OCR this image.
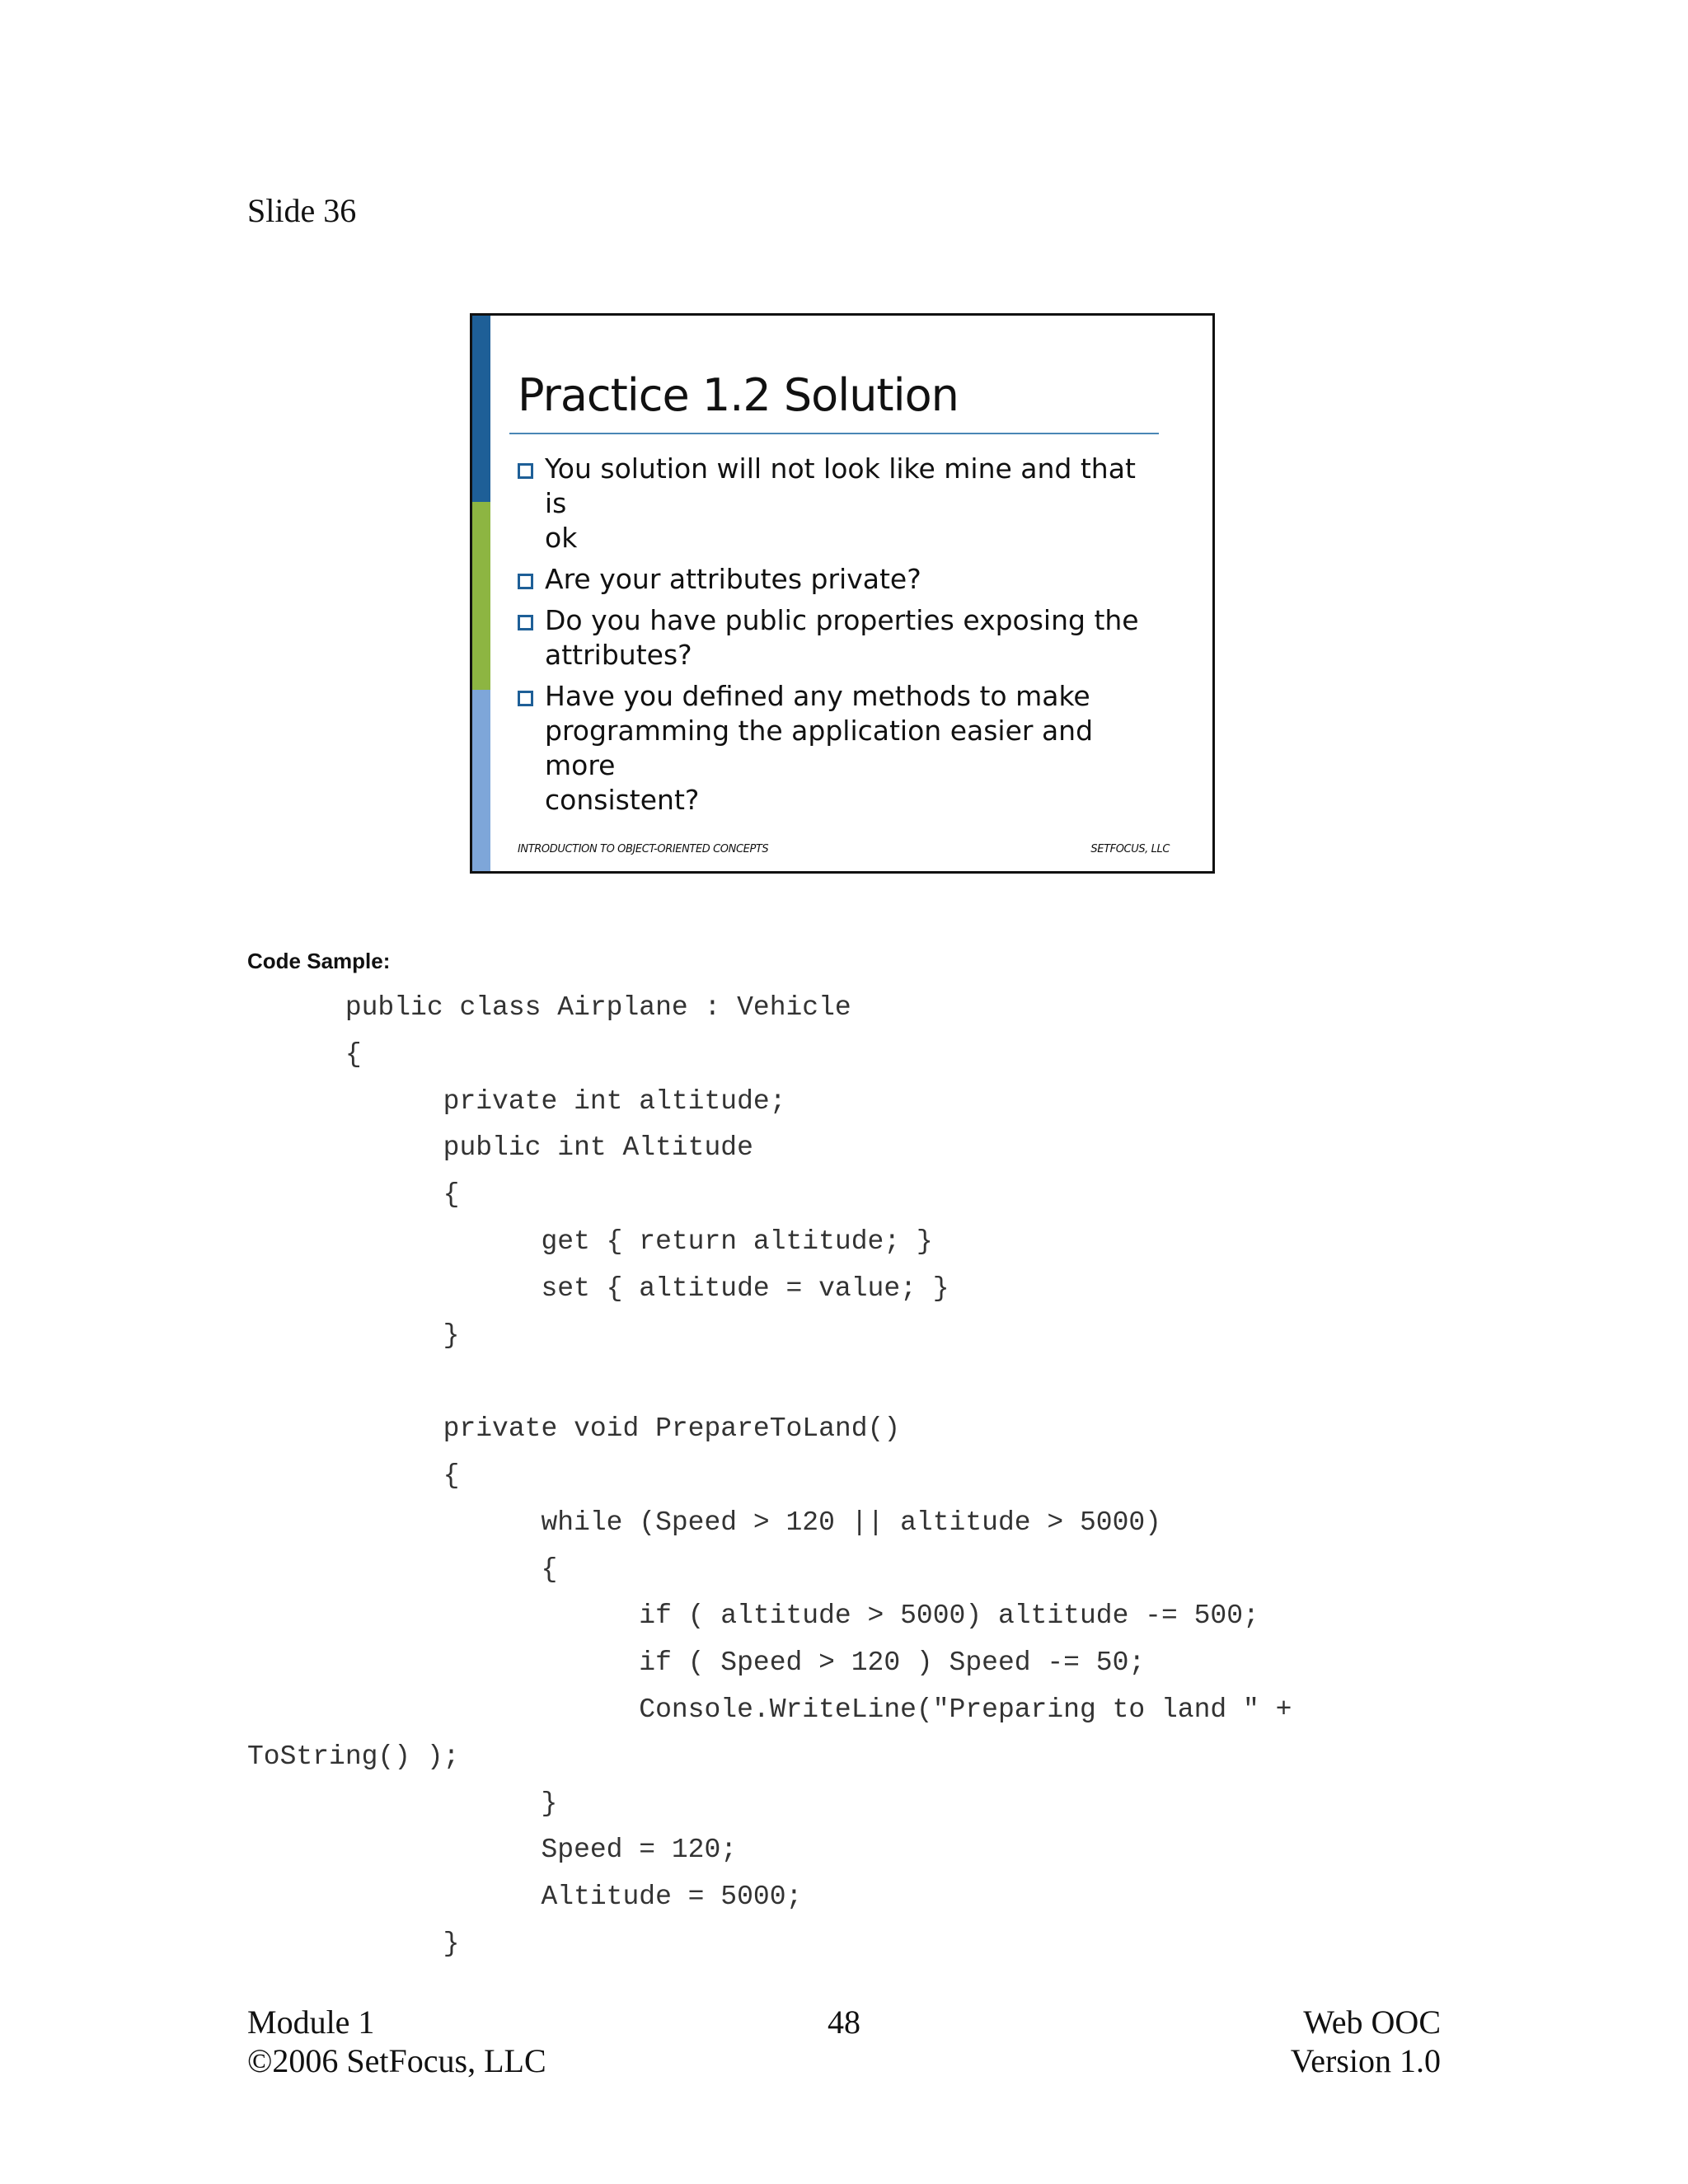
Slide 36
Practice 1.2 Solution
You solution will not look like mine and that is
ok
Are your attributes private?
Do you have public properties exposing the
attributes?
Have you defined any methods to make
programming the application easier and more
consistent?
INTRODUCTION TO OBJECT-ORIENTED CONCEPTS	SETFOCUS, LLC
Code Sample:
public class Airplane : Vehicle
{
private int altitude;
public int Altitude
{
get { return altitude; }
set { altitude = value; }
}
private void PrepareToLand()
{
while (Speed > 120 || altitude > 5000)
{
if ( altitude > 5000) altitude -= 500;
if ( Speed > 120 ) Speed -= 50;
Console.WriteLine("Preparing to land " +
ToString() );
}
Speed = 120;
Altitude = 5000;
}
Module 1
©2006 SetFocus, LLC
48	Web OOC
Version 1.0
